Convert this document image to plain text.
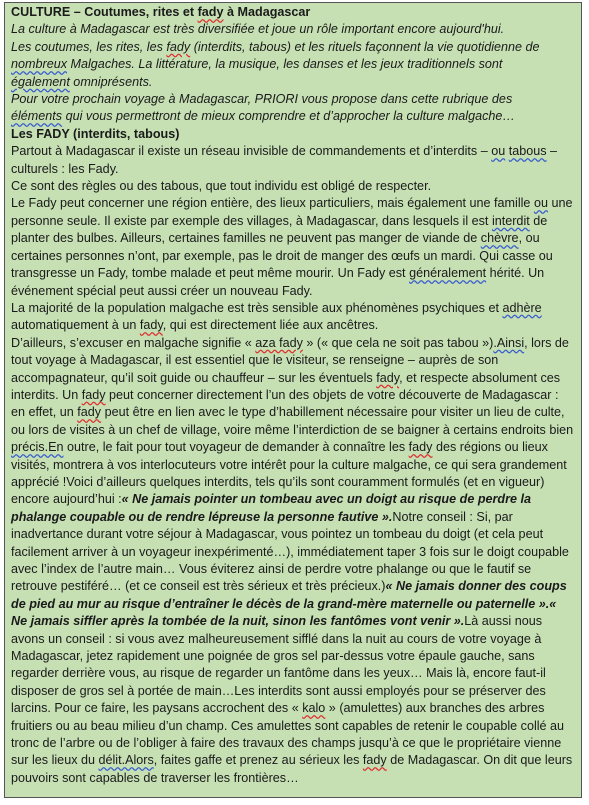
CULTURE – Coutumes, rites et fady à Madagascar

La culture à Madagascar est très diversifiée et joue un rôle important encore aujourd'hui.
Les coutumes, les rites, les fady (interdits, tabous) et les rituels façonnent la vie quotidienne de
nombreux Malgaches. La littérature, la musique, les danses et les jeux traditionnels sont
également omniprésents.
Pour votre prochain voyage à Madagascar, PRIORI vous propose dans cette rubrique des
éléments qui vous permettront de mieux comprendre et d’approcher la culture malgache…

Les FADY (interdits, tabous)

Partout à Madagascar il existe un réseau invisible de commandements et d’interdits – ou tabous – culturels : les Fady.

Ce sont des règles ou des tabous, que tout individu est obligé de respecter.

Le Fady peut concerner une région entière, des lieux particuliers, mais également une famille ou une personne seule. Il existe par exemple des villages, à Madagascar, dans lesquels il est interdit de planter des bulbes. Ailleurs, certaines familles ne peuvent pas manger de viande de chèvre, ou certaines personnes n’ont, par exemple, pas le droit de manger des œufs un mardi. Qui casse ou transgresse un Fady, tombe malade et peut même mourir. Un Fady est généralement hérité. Un événement spécial peut aussi créer un nouveau Fady.

La majorité de la population malgache est très sensible aux phénomènes psychiques et adhère automatiquement à un fady, qui est directement liée aux ancêtres.

D’ailleurs, s’excuser en malgache signifie « aza fady » (« que cela ne soit pas tabou »).Ainsi, lors de tout voyage à Madagascar, il est essentiel que le visiteur, se renseigne – auprès de son accompagnateur, qu’il soit guide ou chauffeur – sur les éventuels fady, et respecte absolument ces interdits. Un fady peut concerner directement l’un des objets de votre découverte de Madagascar : en effet, un fady peut être en lien avec le type d’habillement nécessaire pour visiter un lieu de culte, ou lors de visites à un chef de village, voire même l’interdiction de se baigner à certains endroits bien précis.En outre, le fait pour tout voyageur de demander à connaître les fady des régions ou lieux visités, montrera à vos interlocuteurs votre intérêt pour la culture malgache, ce qui sera grandement apprécié !Voici d’ailleurs quelques interdits, tels qu’ils sont couramment formulés (et en vigueur) encore aujourd’hui :« Ne jamais pointer un tombeau avec un doigt au risque de perdre la phalange coupable ou de rendre lépreuse la personne fautive ».Notre conseil : Si, par inadvertance durant votre séjour à Madagascar, vous pointez un tombeau du doigt (et cela peut facilement arriver à un voyageur inexpérimenté…), immédiatement taper 3 fois sur le doigt coupable avec l’index de l’autre main… Vous éviterez ainsi de perdre votre phalange ou que le fautif se retrouve pestiféré… (et ce conseil est très sérieux et très précieux.)« Ne jamais donner des coups de pied au mur au risque d’entraîner le décès de la grand-mère maternelle ou paternelle ».« Ne jamais siffler après la tombée de la nuit, sinon les fantômes vont venir ».Là aussi nous avons un conseil : si vous avez malheureusement sifflé dans la nuit au cours de votre voyage à Madagascar, jetez rapidement une poignée de gros sel par-dessus votre épaule gauche, sans regarder derrière vous, au risque de regarder un fantôme dans les yeux… Mais là, encore faut-il disposer de gros sel à portée de main…Les interdits sont aussi employés pour se préserver des larcins. Pour ce faire, les paysans accrochent des « kalo » (amulettes) aux branches des arbres fruitiers ou au beau milieu d’un champ. Ces amulettes sont capables de retenir le coupable collé au tronc de l’arbre ou de l’obliger à faire des travaux des champs jusqu’à ce que le propriétaire vienne sur les lieux du délit.Alors, faites gaffe et prenez au sérieux les fady de Madagascar. On dit que leurs pouvoirs sont capables de traverser les frontières…
